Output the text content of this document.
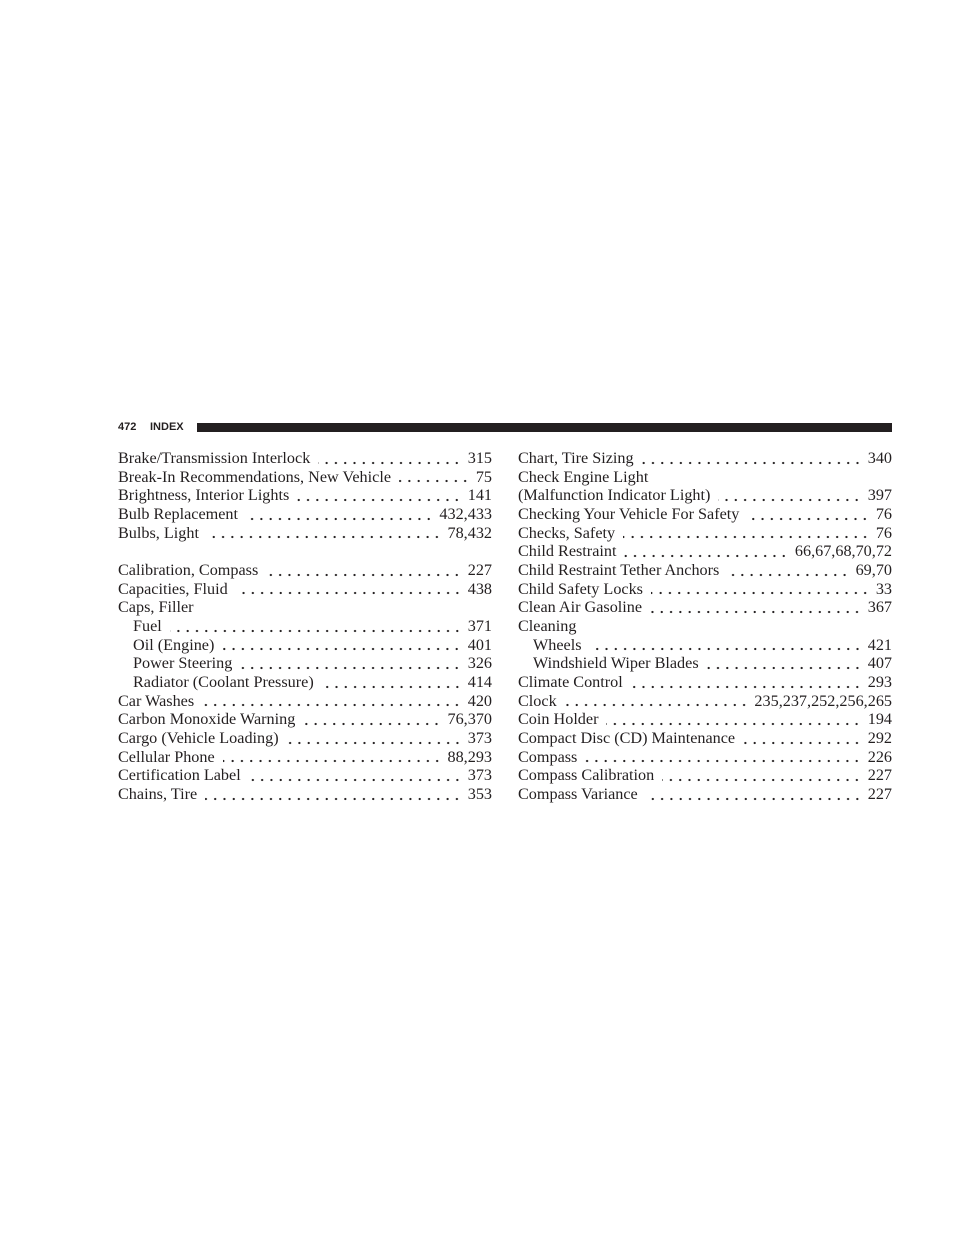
472 INDEX
Brake/Transmission Interlock	315
Break-In Recommendations, New Vehicle	75
Brightness, Interior Lights	141
Bulb Replacement	432,433
Bulbs, Light	78,432
Calibration, Compass	227
Capacities, Fluid	438
Caps, Filler
Fuel	371
Oil (Engine)	401
Power Steering	326
Radiator (Coolant Pressure)	414
Car Washes	420
Carbon Monoxide Warning	76,370
Cargo (Vehicle Loading)	373
Cellular Phone	88,293
Certification Label	373
Chains, Tire	353
Chart, Tire Sizing	340
Check Engine Light
(Malfunction Indicator Light)	397
Checking Your Vehicle For Safety	76
Checks, Safety	76
Child Restraint	66,67,68,70,72
Child Restraint Tether Anchors	69,70
Child Safety Locks	33
Clean Air Gasoline	367
Cleaning
Wheels	421
Windshield Wiper Blades	407
Climate Control	293
Clock	235,237,252,256,265
Coin Holder	194
Compact Disc (CD) Maintenance	292
Compass	226
Compass Calibration	227
Compass Variance	227
